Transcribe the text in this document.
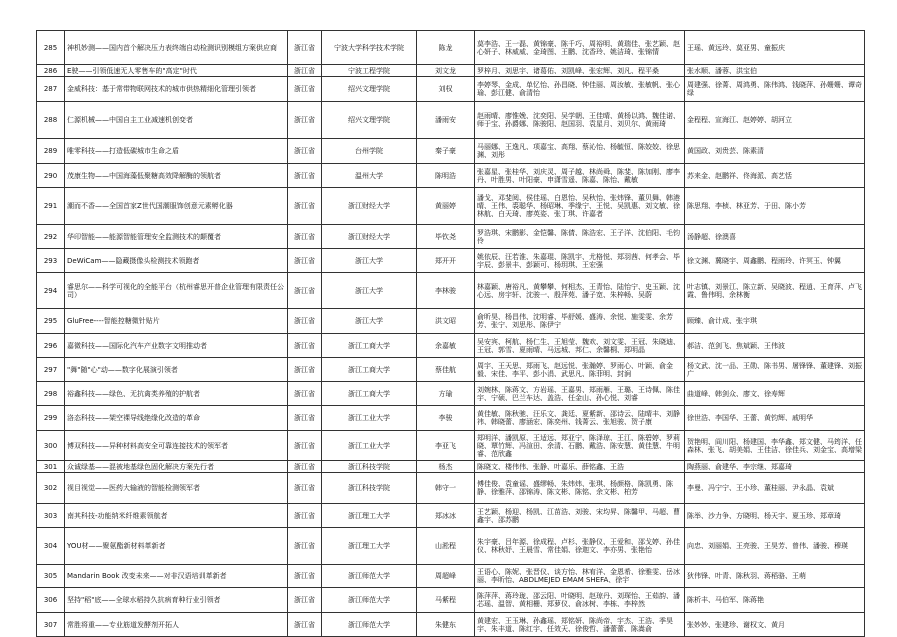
285	神机妙测——国内首个解决压力表终端自动检测识别模组方案供应商	浙江省	宁波大学科学技术学院	陈龙	莫李浩、王一磊、黄锦豪、陈千巧、周裕明、黄瑞佳、张艺颖、赵心妍子、林威威、金琦图、王鹏、沈香玲、姚洁琦、张锦情	王瑶、黄远玲、莫亚男、童振庆
286	E驶——引领低速无人零售车的"高定"时代	浙江省	宁波工程学院	刘文龙	罗梓月、刘思宇、诸葛佑、刘凯峰、张宏辉、刘凡、程平桑	张水顺、潘蓉、洪宝伯
287	金威科技：基于常带物联网技术的城市供热精细化管理引领者	浙江省	绍兴文理学院	刘权	李婷琴、金成、单忆怡、孙昌晓、钟佳丽、周汝敏、张敏帆、张心瑜、彭江健、俞清怡	周建强、徐菁、周鸿勇、陈伟鸿、钱晓萍、孙姗姗、谭奇绿
288	仁源机械——中国自主工业减速机创变者	浙江省	绍兴文理学院	潘雨安	赵雨晴、廖惟娩、沈奕阳、吴学朝、王佳晴、黄杨以鸿、魏佳诺、师于宝、孙爵娜、陈骏阳、赵国羽、袁星月、刘贝尔、黄雨琦	金程程、宣海江、赵婷婷、胡河立
289	唯零科技——打造低碳城市生命之盾	浙江省	台州学院	秦子豪	马丽娜、王逸凡、项嘉宝、高翔、蔡沁怡、杨毓恒、陈姣姣、徐思渊、刘彤	黄国政、刘贵芸、陈素清
290	茂康生物——中国海藻低聚糖高效降解酶的领航者	浙江省	温州大学	陈明浩	张嘉星、张桂华、刘庆灵、周子越、林尚舜、陈斐、陈加刚、廖李丹、叶胜男、叶阳豪、申潇雪遥、陈嘉、陈怡、戴敏	苏来金、赵鹏祥、佟海派、高艺恬
291	潮而不香——全国首家Z世代国潮服饰创意元素孵化器	浙江省	浙江财经大学	黄丽婷	潘戈、邓斐阅、侯佳瑶、白恩怡、吴秋怡、张炜锋、董贝舞、韩港晴、王伟、裘聪华、杨昭琳、季缘宁、王悦、吴凯惠、刘文敏、徐林航、白天琦、廖英姿、张丁琪、许嘉者	陈思翔、李桢、林亚芳、于田、陈小芳
292	华印智能——能源智能管理安全监测技术的颠覆者	浙江省	浙江财经大学	毕钦尧	罗浩琪、宋鹏影、金恺馨、陈倩、陈浩宏、王子洋、沈伯阳、毛钧伶	汤静超、徐澳喜
293	DeWiCam——隐藏摄像头检测技术领跑者	浙江省	浙江大学	郑开开	姚依辰、汪若淮、朱嘉琨、陈凯宇、尤格悦、郑羽茜、何孝会、毕宇辰、彭景丰、彭颖可、杨玥琪、王宏强	徐文渊、冀晓宇、周鑫鹏、程雨玲、许冥玉、钟翼
294	睿思尔——科学可视化的全能平台（杭州睿思开普企业管理有限责任公司）	浙江省	浙江大学	李林骏	林嘉颖、唐裕凡、黄攀攀、何相杰、王青怡、陆怡宁、史玉颖、沈心远、房宇轩、沈骏一、殷萍苑、潘子宽、朱梓畅、吴蔚	叶志镇、刘景江、陈立新、吴晓波、程逍、王育萍、卢飞霞、鲁伟明、余林衡
295	GluFree----智能控糖微针贴片	浙江省	浙江大学	洪文昭	俞昕昊、杨昌伟、沈明睿、毕舒媛、盛涛、余悦、施雯雯、余芳芳、张宁、刘思彤、陈伊宁	顾臻、俞计成、张宇琪
296	嘉微科技——国际化汽车产业数字文明推动者	浙江省	浙江工商大学	余嘉敏	吴安宾、柯航、杨仁生、王旭莹、魏欢、刘文雯、王冠、朱晓迪、王冠、郭雪、夏雨晴、马远城、邦仁、余馨桐、郑明晶	郝洁、范剑飞、焦斌颖、王伟波
297	"舞"随"心"动——数字化展演引领者	浙江省	浙江工商大学	蔡佳航	周宇、王天思、郑雨飞、赵远悦、张瀚婷、罗雨心、叶颖、俞金毅、宋佳、李平、彭小涓、武思凡、陈菲明、封涧	杨文武、沈一品、王勋、陈书男、屠锋锋、董建锋、刘振广
298	裕鑫科技——绿色、无抗禽类养殖的护航者	浙江省	浙江工商大学	方瑜	刘婉林、陈蒋文、方岩瑶、王嘉男、郑雨雁、王璐、王诗佩、陈佳宇、宁硕、巴兰车达、盖浩、任金山、孙心悦、刘睿	曲道峰、韩剑众、廖文、徐寿辉
299	洛态科技——架空裸导线绝缘化改造的革命	浙江省	浙江工业大学	李骏	黄佳敏、陈秋驰、汪乐文、龚廷、夏紫新、邵诗云、陆晴丰、刘静祎、韩晓蕾、廖涵宏、陈奕州、钱菁云、张旭骏、贺子康	徐世浩、李国华、王蕾、黄钧辉、戚明华
300	博双科技——异种材料高安全可靠连接技术的领军者	浙江省	浙江工业大学	李亚飞	郑明洋、潘凯原、王适远、郑亚宁、陈泽琼、王江、陈碧婷、罗莉晓、覃竹辉、冯渲田、余清、石鹏、戴浩、陈安慧、黄佳慧、牛明睿、范欣鑫	贺艳明、阎川阳、杨建国、李华鑫、郑文健、马筠洋、任森林、张飞、胡美娟、王佳洁、徐佳兵、刘金宝、高增梁
301	众诚绿基——混被地基绿色固化解决方案先行者	浙江省	浙江科技学院	杨杰	陈晓文、楼伟伟、张静、叶嘉乐、薛铭鑫、王浩	陶燕丽、俞建华、李宗继、郑嘉琦
302	视目视觉——医药大输液的智能检测领军者	浙江省	浙江科技学院	韩守一	傅佳俊、袁童谣、盛缪畅、朱炜炜、张琪、杨颜格、陈凯勇、陈静、徐雅萍、邵锦涛、陈文彬、陈铭、余文彬、柏芳	李曼、冯宁宁、王小珍、董桂丽、尹永晶、袁斌
303	南其科技-功能纳米纤维素领航者	浙江省	浙江理工大学	郑冰冰	王艺颖、杨迎、杨凯、江苗浩、刘骏、宋均昇、陈馨甲、马超、曹鑫宇、邵苏鹏	陈举、沙力争、方晓明、杨天宇、夏玉珍、郑章琦
304	YOU材——聚氨酯新材料革新者	浙江省	浙江理工大学	山淞程	朱宇豪、吕年源、徐成程、卢杉、张静仪、王爱和、邵戈婷、孙佳仪、林秋妤、王晨雪、常佳娟、徐迦文、李亦男、张艳怡	向忠、刘丽娟、王亮骏、王昊芳、曾伟、潘骏、穆瑛
305	Mandarin Book 改变未来——对非汉语培训革新者	浙江省	浙江师范大学	周超峰	王语心、陈妮、张晋仪、谈方怡、林宥洋、金恩希、徐雅雯、岳冰丽、李昕怡、ABDLMEJED EMAM SHEFA、徐宇	狄伟锋、叶青、陈秋羽、蒋稻骆、王萌
306	坚持"稻"底——全球水稻持久抗病育种行业引领者	浙江省	浙江师范大学	马紫程	陈萍萍、蒋玲珑、邵云阳、叶晓明、赵琼丹、刘琛怡、王茹韵、潘芯瑶、温智、黄相栅、郑萝仪、俞冰树、李栋、李梓然	陈析丰、马伯军、陈蒋艳
307	常胜将重——专业筋道发酵剂开拓人	浙江省	浙江师范大学	朱健东	黄建宏、王玉琳、孙鑫瑶、郑铭妍、陈尚帝、宇杰、王浩、季昊宇、朱丰道、陈红宇、任效天、徐俊哲、潘蕾蕾、陈嵩俞	张妙妙、张建珍、谢权文、黄月
